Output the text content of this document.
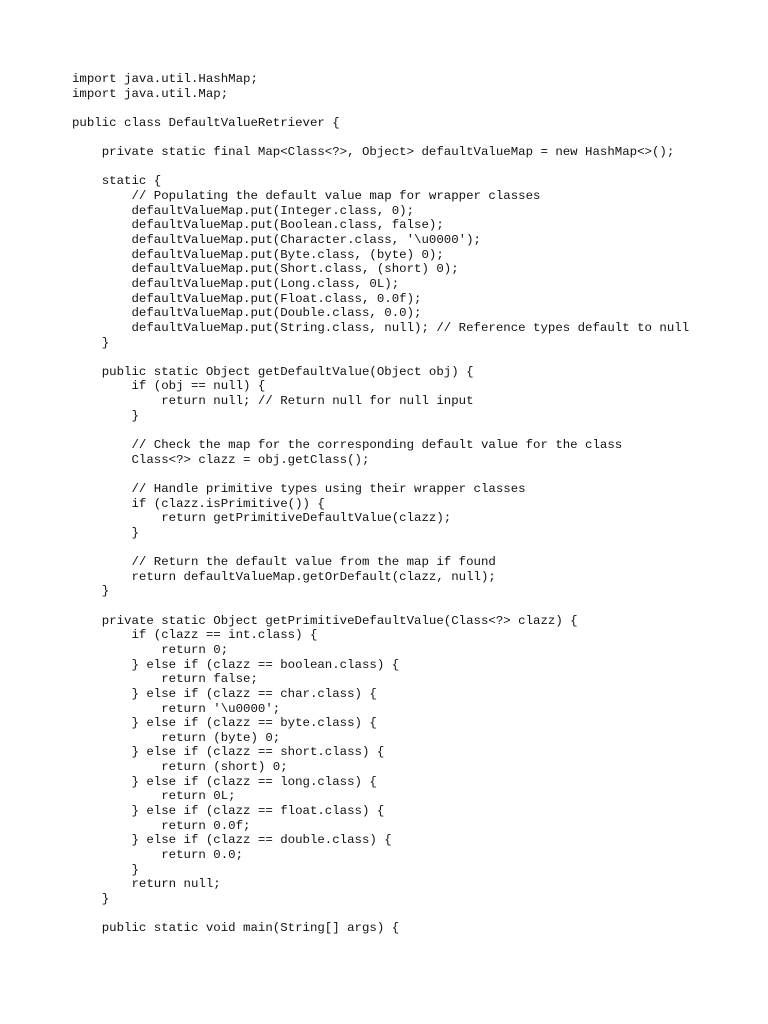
import java.util.HashMap;
import java.util.Map;
public class DefaultValueRetriever {
private static final Map<Class<?>, Object> defaultValueMap = new HashMap<>();
static {
// Populating the default value map for wrapper classes
defaultValueMap.put(Integer.class, 0);
defaultValueMap.put(Boolean.class, false);
defaultValueMap.put(Character.class, '\u0000');
defaultValueMap.put(Byte.class, (byte) 0);
defaultValueMap.put(Short.class, (short) 0);
defaultValueMap.put(Long.class, 0L);
defaultValueMap.put(Float.class, 0.0f);
defaultValueMap.put(Double.class, 0.0);
defaultValueMap.put(String.class, null); // Reference types default to null
}
public static Object getDefaultValue(Object obj) {
if (obj == null) {
return null; // Return null for null input
}
// Check the map for the corresponding default value for the class
Class<?> clazz = obj.getClass();
// Handle primitive types using their wrapper classes
if (clazz.isPrimitive()) {
return getPrimitiveDefaultValue(clazz);
}
// Return the default value from the map if found
return defaultValueMap.getOrDefault(clazz, null);
}
private static Object getPrimitiveDefaultValue(Class<?> clazz) {
if (clazz == int.class) {
return 0;
} else if (clazz == boolean.class) {
return false;
} else if (clazz == char.class) {
return '\u0000';
} else if (clazz == byte.class) {
return (byte) 0;
} else if (clazz == short.class) {
return (short) 0;
} else if (clazz == long.class) {
return 0L;
} else if (clazz == float.class) {
return 0.0f;
} else if (clazz == double.class) {
return 0.0;
}
return null;
}
public static void main(String[] args) {
